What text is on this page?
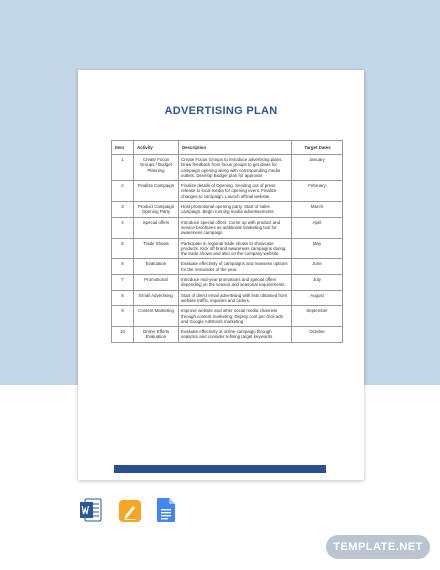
ADVERTISING PLAN
Item	Activity	Description	Target Dates
1	Create Focus Groups / Budget Planning	Create Focus Groups to introduce advertising plans. Draw feedback from focus groups to get ideas for campaign opening along with corresponding media outlets. Develop Budget plan for approval.	January
2	Finalize Campaign	Finalize details of Opening. Sending out of press release to local media for opening event. Finalize changes to campaign. Launch official website	February
3	Product Campaign Opening Party	Host promotional opening party. Start of sales campaign. Begin running media advertisements	March
4	Special offers	Introduce special offers. Come up with product and service brochures as additional marketing tool for awareness campaign	April
5	Trade Shows	Participate in regional trade shows to showcase products. Kick off brand awareness campaigns during the trade shows and also on the company website.	May
6	Evaluation	Evaluate effectivity of campaigns and reassess options for the remainder of the year.	June
7	Promotional	Introduce mid-year promotions and special offers depending on the season and seasonal requirements.	July
8	Email Advertising	Start of direct email advertising with lists obtained from website traffic, inquiries and orders.	August
9	Content Marketing	Improve website and other social media channels through content marketing. Deploy cost per click ads and Google AdWords marketing	September
10	Online Efforts Evaluation	Evaluate effectivity of online campaign through analytics and consider refining target keywords	October
TEMPLATE.NET
